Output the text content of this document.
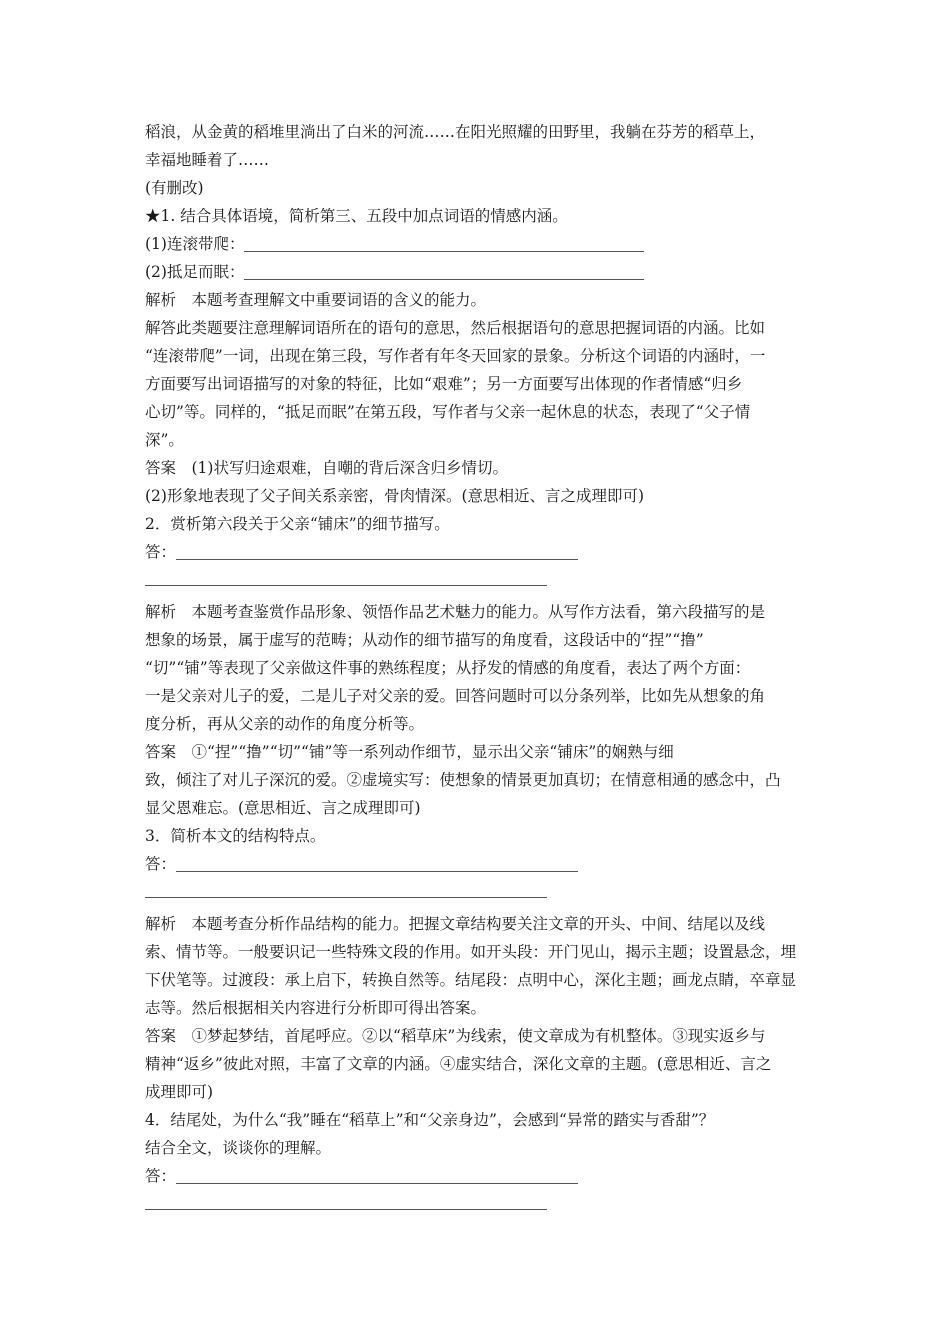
稻浪，从金黄的稻堆里淌出了白米的河流……在阳光照耀的田野里，我躺在芬芳的稻草上，
幸福地睡着了……
(有删改)
★1. 结合具体语境，简析第三、五段中加点词语的情感内涵。
(1)连滚带爬：
(2)抵足而眠：
解析　本题考查理解文中重要词语的含义的能力。
解答此类题要注意理解词语所在的语句的意思，然后根据语句的意思把握词语的内涵。比如
“连滚带爬”一词，出现在第三段，写作者有年冬天回家的景象。分析这个词语的内涵时，一
方面要写出词语描写的对象的特征，比如“艰难”；另一方面要写出体现的作者情感“归乡
心切”等。同样的，“抵足而眠”在第五段，写作者与父亲一起休息的状态，表现了“父子情
深”。
答案　(1)状写归途艰难，自嘲的背后深含归乡情切。
(2)形象地表现了父子间关系亲密，骨肉情深。(意思相近、言之成理即可)
2．赏析第六段关于父亲“铺床”的细节描写。
答：
解析　本题考查鉴赏作品形象、领悟作品艺术魅力的能力。从写作方法看，第六段描写的是
想象的场景，属于虚写的范畴；从动作的细节描写的角度看，这段话中的“捏”“撸”
“切”“铺”等表现了父亲做这件事的熟练程度；从抒发的情感的角度看，表达了两个方面：
一是父亲对儿子的爱，二是儿子对父亲的爱。回答问题时可以分条列举，比如先从想象的角
度分析，再从父亲的动作的角度分析等。
答案　①“捏”“撸”“切”“铺”等一系列动作细节，显示出父亲“铺床”的娴熟与细
致，倾注了对儿子深沉的爱。②虚境实写：使想象的情景更加真切；在情意相通的感念中，凸
显父恩难忘。(意思相近、言之成理即可)
3．简析本文的结构特点。
答：
解析　本题考查分析作品结构的能力。把握文章结构要关注文章的开头、中间、结尾以及线
索、情节等。一般要识记一些特殊文段的作用。如开头段：开门见山，揭示主题；设置悬念，埋
下伏笔等。过渡段：承上启下，转换自然等。结尾段：点明中心，深化主题；画龙点睛，卒章显
志等。然后根据相关内容进行分析即可得出答案。
答案　①梦起梦结，首尾呼应。②以“稻草床”为线索，使文章成为有机整体。③现实返乡与
精神“返乡”彼此对照，丰富了文章的内涵。④虚实结合，深化文章的主题。(意思相近、言之
成理即可)
4．结尾处，为什么“我”睡在“稻草上”和“父亲身边”，会感到“异常的踏实与香甜”？
结合全文，谈谈你的理解。
答：
